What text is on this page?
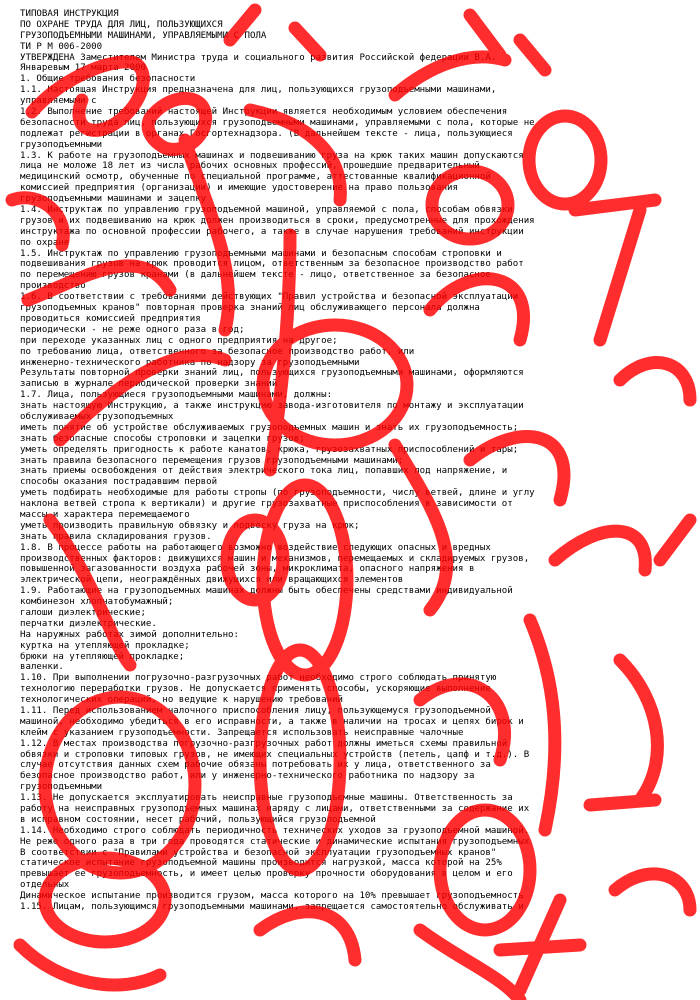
ТИПОВАЯ ИНСТРУКЦИЯ
ПО ОХРАНЕ ТРУДА ДЛЯ ЛИЦ, ПОЛЬЗУЮЩИХСЯ
ГРУЗОПОДЪЕМНЫМИ МАШИНАМИ, УПРАВЛЯЕМЫМИ С ПОЛА
ТИ Р М 006-2000
УТВЕРЖДЕНА Заместителем Министра труда и социального развития Российской федерации В.А.
Январевым 17 марта 2000
1. Общие требования безопасности
1.1. Настоящая Инструкция предназначена для лиц, пользующихся грузоподъемными машинами,
управляемыми с
1.2. Выполнение требований настоящей Инструкции является необходимым условием обеспечения
безопасности труда лиц, пользующихся грузоподъемными машинами, управляемыми с пола, которые не
подлежат регистрации в органах Госгортехнадзора. (В дальнейшем тексте - лица, пользующиеся
грузоподъемными
1.3. К работе на грузоподъемных машинах и подвешиванию груза на крюк таких машин допускаются
лица не моложе 18 лет из числа рабочих основных профессий, прошедшие предварительный
медицинский осмотр, обученные по специальной программе, аттестованные квалификационной
комиссией предприятия (организации) и имеющие удостоверение на право пользования
грузоподъемными машинами и зацепку
1.4. Инструктаж по управлению грузоподъемной машиной, управляемой с пола, способам обвязки
грузов и их подвешиванию на крюк должен производиться в сроки, предусмотренные для прохождения
инструктажа по основной профессии рабочего, а также в случае нарушения требований инструкции
по охране
1.5. Инструктаж по управлению грузоподъемными машинами и безопасным способам строповки и
подвешивания грузов на крюк проводится лицом, ответственным за безопасное производство работ
по перемещению грузов кранами (в дальнейшем тексте - лицо, ответственное за безопасное
производство
1.6. В соответствии с требованиями действующих "Правил устройства и безопасной эксплуатации
грузоподъемных кранов" повторная проверка знаний лиц обслуживающего персонала должна
проводиться комиссией предприятия
периодически - не реже одного раза в год;
при переходе указанных лиц с одного предприятия на другое;
по требованию лица, ответственного за безопасное производство работ, или
инженерно-технического работника по надзору за грузоподъемными
Результаты повторной проверки знаний лиц, пользующихся грузоподъемными машинами, оформляются
записью в журнале периодической проверки знаний
1.7. Лица, пользующиеся грузоподъемными машинами, должны:
знать настоящую Инструкцию, а также инструкцию завода-изготовителя по монтажу и эксплуатации
обслуживаемых грузоподъемных
иметь понятие об устройстве обслуживаемых грузоподъемных машин и знать их грузоподъемность;
знать безопасные способы строповки и зацепки грузов;
уметь определять пригодность к работе канатов, крюка, грузозахватных приспособлений и тары;
знать правила безопасного перемещения грузов грузоподъемными машинами;
знать приемы освобождения от действия электрического тока лиц, попавших под напряжение, и
способы оказания пострадавшим первой
уметь подбирать необходимые для работы стропы (по грузоподъемности, числу ветвей, длине и углу
наклона ветвей стропа к вертикали) и другие грузозахватные приспособления в зависимости от
массы и характера перемещаемого
уметь производить правильную обвязку и подвеску груза на крюк;
знать правила складирования грузов.
1.8. В процессе работы на работающего возможно воздействие следующих опасных и вредных
производственных факторов: движущихся машин и механизмов, перемещаемых и складируемых грузов,
повышенной загазованности воздуха рабочей зоны, микроклимата, опасного напряжения в
электрической цепи, неограждённых движущихся или вращающихся элементов
1.9. Работающие на грузоподъемных машинах должны быть обеспечены средствами индивидуальной
комбинезон хлопчатобумажный;
галоши диэлектрические;
перчатки диэлектрические.
На наружных работах зимой дополнительно:
куртка на утепляющей прокладке;
брюки на утепляющей прокладке;
валенки.
1.10. При выполнении погрузочно-разгрузочных работ необходимо строго соблюдать принятую
технологию переработки грузов. Не допускается применять способы, ускоряющие выполнение
технологических операций, но ведущие к нарушению требований
1.11. Перед использованием чалочного приспособления лицу, пользующемуся грузоподъемной
машиной, необходимо убедиться в его исправности, а также в наличии на тросах и цепях бирок и
клейм с указанием грузоподъемности. Запрещается использовать неисправные чалочные
1.12. В местах производства погрузочно-разгрузочных работ должны иметься схемы правильной
обвязки и строповки типовых грузов, не имеющих специальных устройств (петель, цапф и т.д.). В
случае отсутствия данных схем рабочие обязаны потребовать их у лица, ответственного за
безопасное производство работ, или у инженерно-технического работника по надзору за
грузоподъемными
1.13. Не допускается эксплуатировать неисправные грузоподъемные машины. Ответственность за
работу на неисправных грузоподъемных машинах наряду с лицами, ответственными за содержание их
в исправном состоянии, несет рабочий, пользующийся грузоподъемной
1.14. Необходимо строго соблюдать периодичность технических уходов за грузоподъемной машиной.
Не реже одного раза в три года проводятся статические и динамические испытания грузоподъемных
В соответствии с "Правилами устройства и безопасной эксплуатации грузоподъемных кранов"
статическое испытание грузоподъемной машины производится нагрузкой, масса которой на 25%
превышает ее грузоподъемность, и имеет целью проверку прочности оборудования в целом и его
отдельных
Динамическое испытание производится грузом, масса которого на 10% превышает грузоподъемность
1.15. Лицам, пользующимся грузоподъемными машинами, запрещается самостоятельно обслуживать и
